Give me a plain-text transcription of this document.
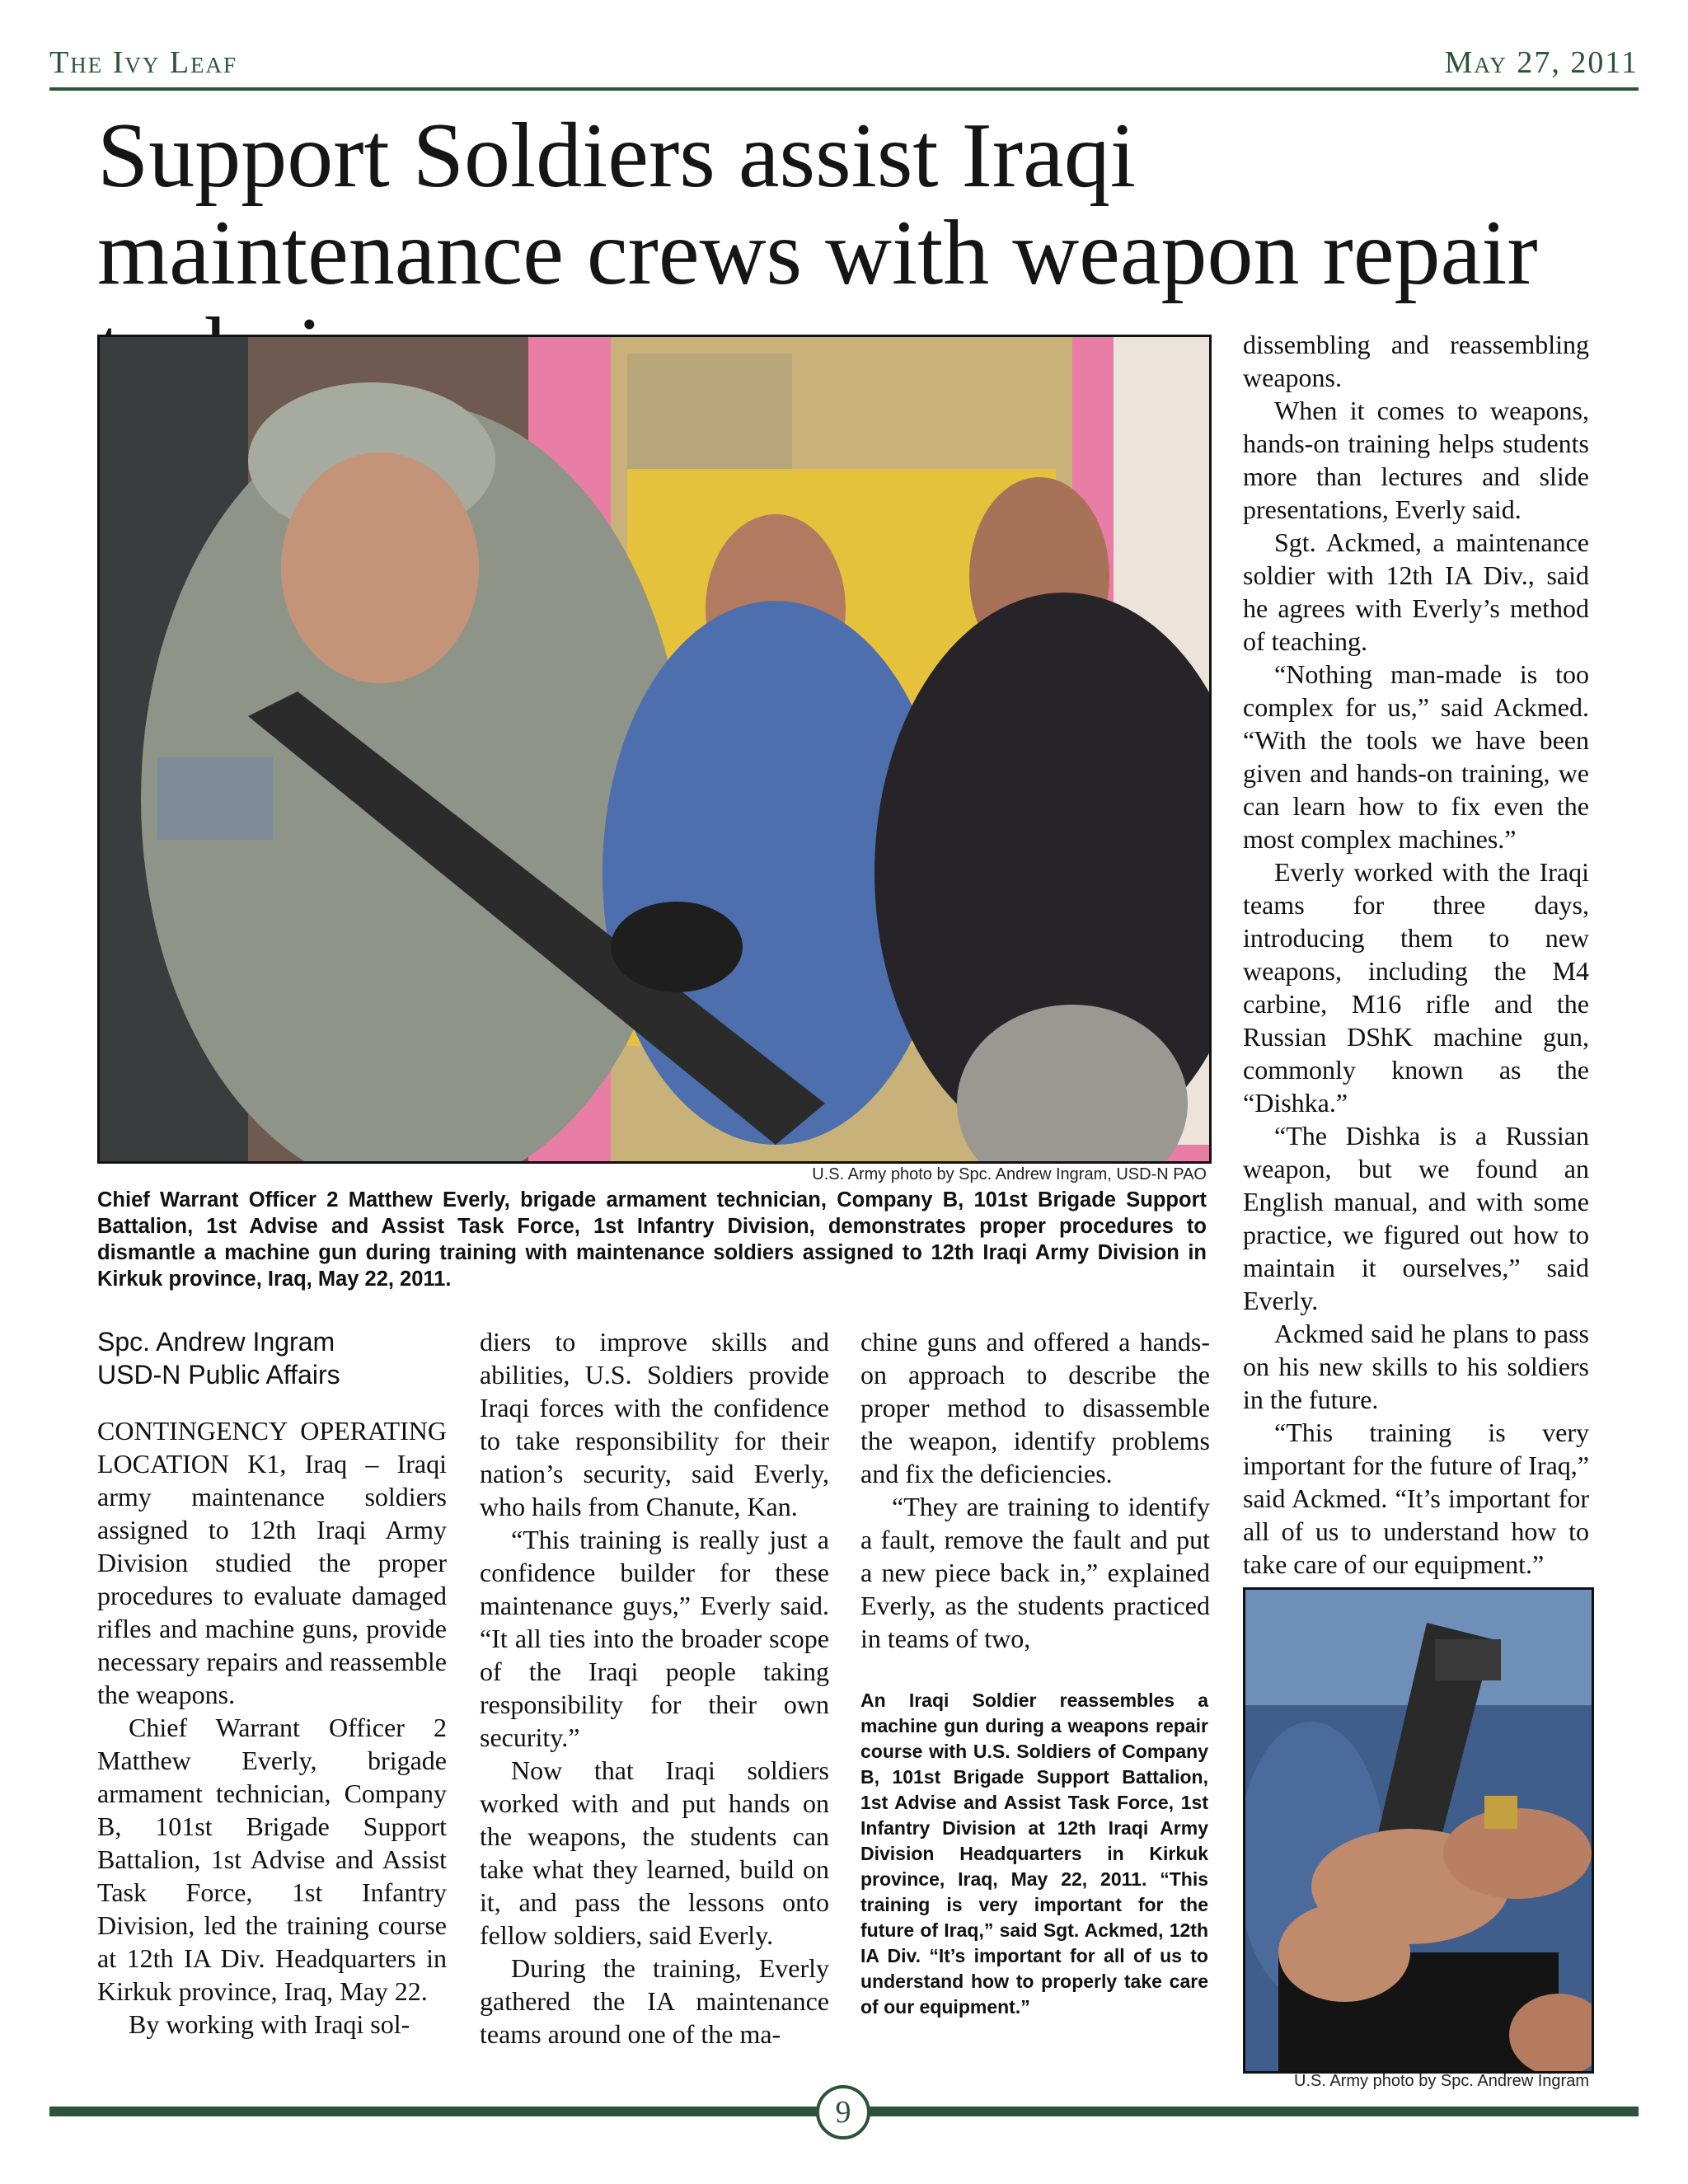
The Ivy Leaf	May 27, 2011
Support Soldiers assist Iraqi maintenance crews with weapon repair
U.S. Army photo by Spc. Andrew Ingram, USD-N PAO
Chief Warrant Officer 2 Matthew Everly, brigade armament technician, Company B, 101st Brigade Support Battalion, 1st Advise and Assist Task Force, 1st Infantry Division, demonstrates proper procedures to dismantle a machine gun during training with maintenance soldiers assigned to 12th Iraqi Army Division in Kirkuk province, Iraq, May 22, 2011.
Spc. Andrew Ingram
USD-N Public Affairs

CONTINGENCY OPERATING LOCATION K1, Iraq – Iraqi army maintenance soldiers assigned to 12th Iraqi Army Division studied the proper procedures to evaluate damaged rifles and machine guns, provide necessary repairs and reassemble the weapons.

Chief Warrant Officer 2 Matthew Everly, brigade armament technician, Company B, 101st Brigade Support Battalion, 1st Advise and Assist Task Force, 1st Infantry Division, led the training course at 12th IA Div. Headquarters in Kirkuk province, Iraq, May 22.

By working with Iraqi sol-

diers to improve skills and abilities, U.S. Soldiers provide Iraqi forces with the confidence to take responsibility for their nation’s security, said Everly, who hails from Chanute, Kan.

“This training is really just a confidence builder for these maintenance guys,” Everly said. “It all ties into the broader scope of the Iraqi people taking responsibility for their own security.”

Now that Iraqi soldiers worked with and put hands on the weapons, the students can take what they learned, build on it, and pass the lessons onto fellow soldiers, said Everly.

During the training, Everly gathered the IA maintenance teams around one of the ma-

chine guns and offered a hands-on approach to describe the proper method to disassemble the weapon, identify problems and fix the deficiencies.

“They are training to identify a fault, remove the fault and put a new piece back in,” explained Everly, as the students practiced in teams of two,

An Iraqi Soldier reassembles a machine gun during a weapons repair course with U.S. Soldiers of Company B, 101st Brigade Support Battalion, 1st Advise and Assist Task Force, 1st Infantry Division at 12th Iraqi Army Division Headquarters in Kirkuk province, Iraq, May 22, 2011. “This training is very important for the future of Iraq,” said Sgt. Ackmed, 12th IA Div. “It’s important for all of us to understand how to properly take care of our equipment.”

dissembling and reassembling weapons.

When it comes to weapons, hands-on training helps students more than lectures and slide presentations, Everly said.

Sgt. Ackmed, a maintenance soldier with 12th IA Div., said he agrees with Everly’s method of teaching.

“Nothing man-made is too complex for us,” said Ackmed. “With the tools we have been given and hands-on training, we can learn how to fix even the most complex machines.”

Everly worked with the Iraqi teams for three days, introducing them to new weapons, including the M4 carbine, M16 rifle and the Russian DShK machine gun, commonly known as the “Dishka.”

“The Dishka is a Russian weapon, but we found an English manual, and with some practice, we figured out how to maintain it ourselves,” said Everly.

Ackmed said he plans to pass on his new skills to his soldiers in the future.

“This training is very important for the future of Iraq,” said Ackmed. “It’s important for all of us to understand how to take care of our equipment.”

U.S. Army photo by Spc. Andrew Ingram
9
